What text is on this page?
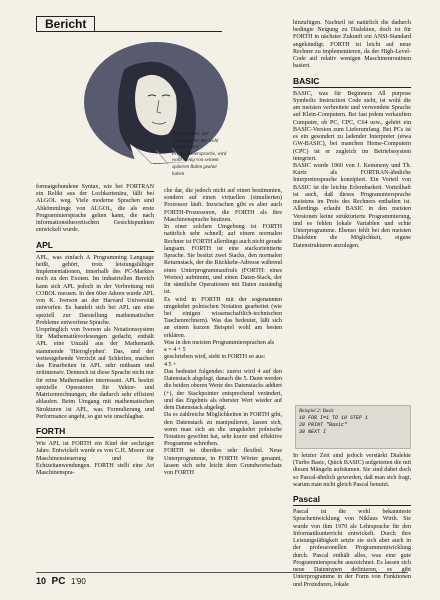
Bericht
Blaise Pascal, der Namensgeber der wohl bekanntesten Programmiersprache, wird wohl wenig von seinem späteren Ruhm geahnt haben

formatgebundene Syntax, wie bei FORTRAN ein Relikt aus der Lochkartenära, fällt bei ALGOL weg. Viele moderne Sprachen sind Abkömmlinge von ALGOL, die als erste Programmiersprache gelten kann, die nach informationstheoretischen Gesichtspunkten entwickelt wurde.

APL

APL, was einfach A Programming Language heißt, gehört, trotz leistungsfähiger Implementationen, innerhalb des PC-Marktes noch zu den Exoten. Im industriellen Bereich kann sich APL jedoch in der Verbreitung mit COBOL messen. In den 60er Jahren wurde APL von K. Iverson an der Harvard Universität entworfen. Es handelt sich bei APL um eine speziell zur Darstellung mathematischer Probleme entworfene Sprache.

Ursprünglich von Iverson als Notationssystem für Mathematikvorlesungen gedacht, enthält APL eine Unzahl aus der Mathematik stammende 'Hieroglyphen'. Das, und der weitestgehende Verzicht auf Schleifen, machen das Einarbeiten in APL sehr mühsam und zeitintensiv. Dennoch ist diese Sprache nicht nur für reine Mathematiker interessant. APL besitzt spezielle Operatoren für Vektor- und Matrizenrechnungen, die dadurch sehr effizient ablaufen. Beim Umgang mit mathematischen Strukturen ist APL, was Formulierung und Performance angeht, so gut wie unschlagbar.

FORTH

Wie APL ist FORTH ein Kind der sechziger Jahre. Entwickelt wurde es von C.H. Moore zur Maschinensteuerung und für Echtzeitanwendungen. FORTH stellt eine Art Maschinenspra-

che dar, die jedoch nicht auf einen bestimmten, sondern auf einen virtuellen (simulierten) Prozessor läuft. Inzwischen gibt es aber auch FORTH-Prozessoren, die FORTH als ihre Maschinensprache besitzen.

In einer solchen Umgebung ist FORTH natürlich sehr schnell; auf einem normalen Rechner ist FORTH allerdings auch nicht gerade langsam. FORTH ist eine stackorientierte Sprache. Sie besitzt zwei Stacks, den normalen Returnstack, der die Rückkehr-Adresse während eines Unterprogrammaufrufs (FORTH: eines Wortes) aufnimmt, und einen Daten-Stack, der für sämtliche Operationen mit Daten zuständig ist.

Es wird in FORTH mit der sogenannten umgekehrt polnischen Notation gearbeitet (wie bei einigen wissenschaftlich-technischen Taschenrechnern). Was das bedeutet, läßt sich an einem kurzen Beispiel wohl am besten erklären.

Was in den meisten Programmiersprachen als

a = 4 + 5

geschrieben wird, sieht in FORTH so aus:

4 5 +

Das bedeutet folgendes: zuerst wird 4 auf den Datenstack abgelegt, danach die 5. Dann werden die beiden oberen Werte des Datenstacks addiert (+), der Stackpointer entsprechend verändert, und das Ergebnis als oberster Wert wieder auf dem Datenstack abgelegt.

Da es zahlreiche Möglichkeiten in FORTH gibt, den Datenstack zu manipulieren, lassen sich, wenn man sich an die umgekehrt polnische Notation gewöhnt hat, sehr kurze und effektive Programme schreiben.

FORTH ist überdies sehr flexibel. Neue Unterprogramme, in FORTH Wörter genannt, lassen sich sehr leicht dem Grundwortschatz von FORTH

hinzufügen. Nachteil ist natürlich die dadurch bedingte Neigung zu Dialekten, doch ist für FORTH in nächster Zukunft ein ANSI-Standard angekündigt. FORTH ist leicht auf neue Rechner zu implementieren, da der High-Level-Code auf relativ wenigen Maschinenroutinen basiert.

BASIC

BASIC, was für Beginners All purpose Symbolic Instruction Code steht, ist wohl die am meisten verbreitete und verwendete Sprache auf Klein-Computern. Bei fast jedem verkauften Computer, ob PC, CPC, C64 usw., gehört ein BASIC-Version zum Lieferumfang. Bei PCs ist es ein gesondert zu ladender Interpreter (etwa GW-BASIC), bei manchen Home-Computern (CPC) ist er zugleich im Betriebssystem integriert.

BASIC wurde 1960 von J. Kemmeny und Th. Kurtz als FORTRAN-ähnliche Interpretersprache konzipiert. Ein Vorteil von BASIC ist die leichte Erlernbarkeit. Vorteilhaft ist auch, daß dieses Programmiersprache meistens im Preis des Rechners enthalten ist. Allerdings erlaubt BASIC in den meisten Versionen keine strukturierte Programmierung, und es fehlen lokale Variablen und echte Unterprogramme. Ebenso fehlt bei den meisten Dialekten die Möglichkeit, eigene Datenstrukturen anzulegen.

Beispiel 2: Basic
10 FOR I=1 TO 10 STEP 1
20 PRINT "Basic"
30 NEXT I

In letzter Zeit sind jedoch verstärkt Dialekte (Turbo Basic, Quick BASIC) aufgetreten die mit diesen Mängeln aufräumen. Sie sind dabei doch so Pascal-ähnlich geworden, daß man sich fragt, warum man nicht gleich Pascal benutzt.

Pascal

Pascal ist die wohl bekannteste Sprachentwicklung von Niklaus Wirth. Sie wurde von ihm 1970 als Lehrsprache für den Informatikunterricht entwickelt. Durch ihre Leistungsfähigkeit setzte sie sich aber auch in der professionellen Programmentwicklung durch. Pascal enthält alles, was eine gute Programmiersprache auszeichnet. Es lassen sich neue Datentypen definieren, es gibt Unterprogramme in der Form von Funktionen und Prozeduren, lokale

10 PC 1'90
